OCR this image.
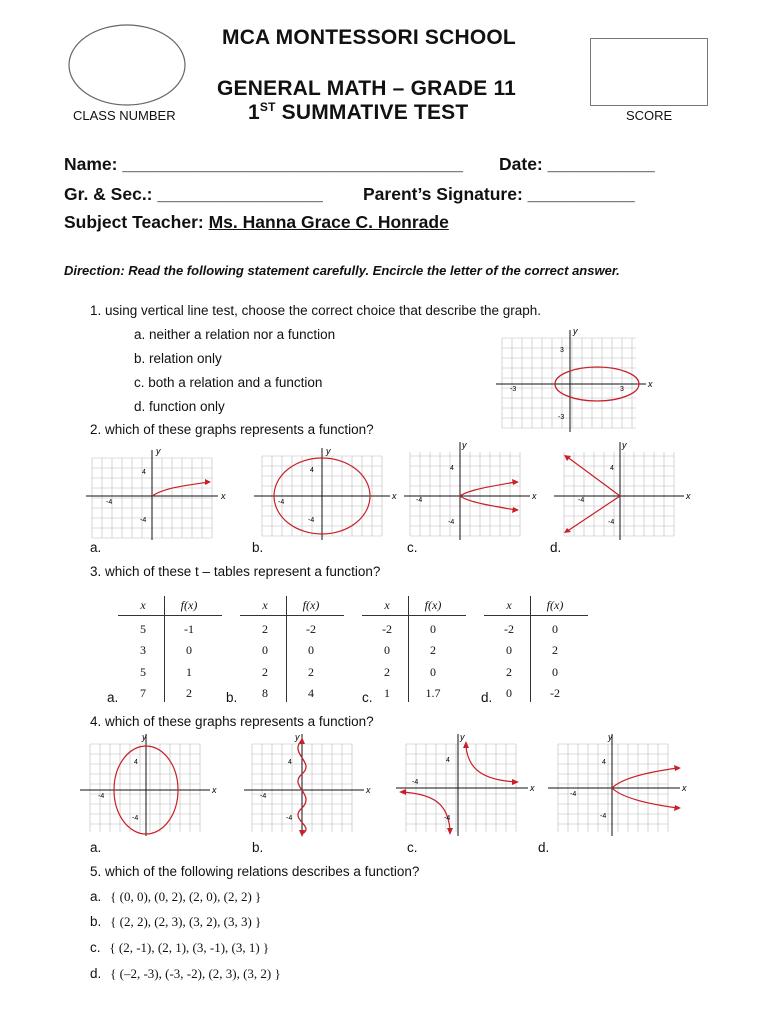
CLASS NUMBER
MCA MONTESSORI SCHOOL
GENERAL MATH – GRADE 11
1ST SUMMATIVE TEST	SCORE
Name: ___________________________________ Date: ___________
Gr. & Sec.: _________________ Parent’s Signature: ___________
Subject Teacher: Ms. Hanna Grace C. Honrade
Direction: Read the following statement carefully. Encircle the letter of the correct answer.
1. using vertical line test, choose the correct choice that describe the graph.
a. neither a relation nor a function
b. relation only
c. both a relation and a function
d. function only
x
y
3
-3	3
-3
2. which of these graphs represents a function?
x
y
4
-4
-4
x
y
4
-4
-4
x
y
4
-4
-4
x
y
4
-4
-4
a.	b.	c.	d.
3. which of these t – tables represent a function?
x	f(x)
5	-1
3	0
5	1
7	2
x	f(x)
2	-2
0	0
2	2
8	4
x	f(x)
-2	0
0	2
2	0
1	1.7
x	f(x)
-2	0
0	2
2	0
0	-2
a.	b.	c.	d.
4. which of these graphs represents a function?
x
y
4
-4
-4
x
y
4
-4
-4
x
y
4
-4
-4
x
y
4
-4
-4
a.	b.	c.	d.
5. which of the following relations describes a function?
a. { (0, 0), (0, 2), (2, 0), (2, 2) }
b. { (2, 2), (2, 3), (3, 2), (3, 3) }
c. { (2, -1), (2, 1), (3, -1), (3, 1) }
d. { (–2, -3), (-3, -2), (2, 3), (3, 2) }
